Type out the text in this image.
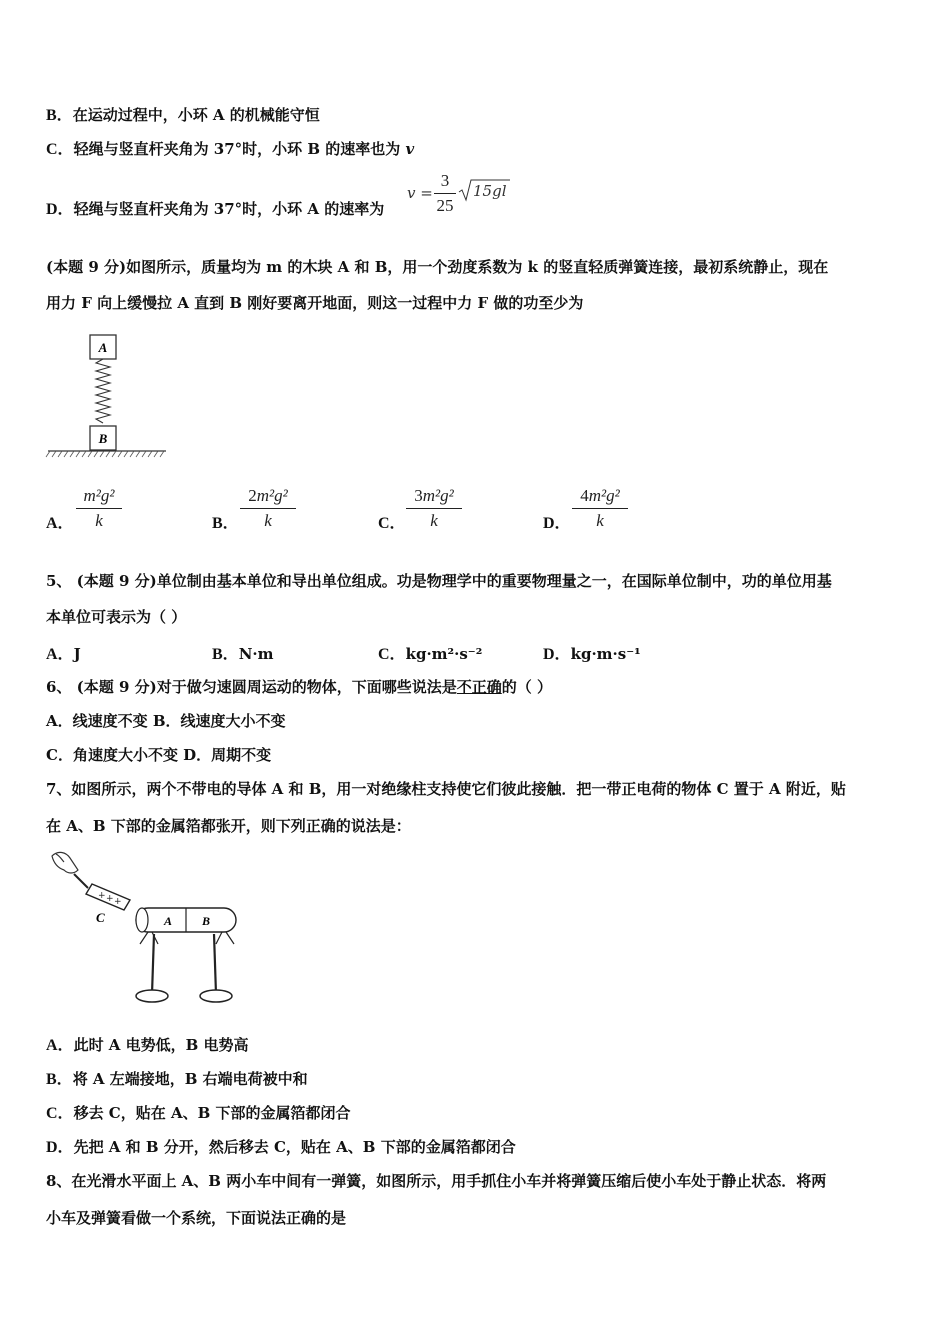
B．在运动过程中，小环 A 的机械能守恒
C．轻绳与竖直杆夹角为 37°时，小环 B 的速率也为 v
D．轻绳与竖直杆夹角为 37°时，小环 A 的速率为
v =
3
25
15gl
(本题 9 分)如图所示，质量均为 m 的木块 A 和 B，用一个劲度系数为 k 的竖直轻质弹簧连接，最初系统静止，现在
用力 F 向上缓慢拉 A 直到 B 刚好要离开地面，则这一过程中力 F 做的功至少为
A
B
A．
m²g²
k	B．
2m²g²
k	C．
3m²g²
k	D．
4m²g²
k
5、 (本题 9 分)单位制由基本单位和导出单位组成。功是物理学中的重要物理量之一，在国际单位制中，功的单位用基
本单位可表示为（ ）
A．J	B．N·m	C．kg·m²·s⁻²	D．kg·m·s⁻¹
6、 (本题 9 分)对于做匀速圆周运动的物体，下面哪些说法是不正确的（ ）
A．线速度不变 B．线速度大小不变
C．角速度大小不变 D．周期不变
7、如图所示，两个不带电的导体 A 和 B，用一对绝缘柱支持使它们彼此接触．把一带正电荷的物体 C 置于 A 附近，贴
在 A、B 下部的金属箔都张开，则下列正确的说法是：
+ + +
C	A B
A．此时 A 电势低，B 电势高
B．将 A 左端接地，B 右端电荷被中和
C．移去 C，贴在 A、B 下部的金属箔都闭合
D．先把 A 和 B 分开，然后移去 C，贴在 A、B 下部的金属箔都闭合
8、在光滑水平面上 A、B 两小车中间有一弹簧，如图所示，用手抓住小车并将弹簧压缩后使小车处于静止状态．将两
小车及弹簧看做一个系统，下面说法正确的是
